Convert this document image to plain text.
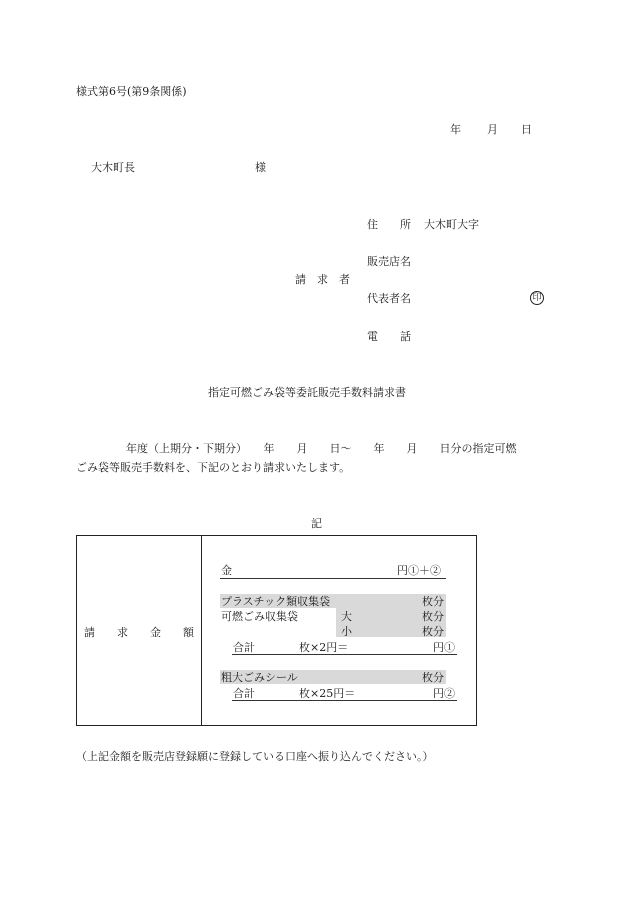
様式第6号(第9条関係)
年 月 日
大木町長	様
住　　所 大木町大字
販売店名
請　求　者
代表者名	印
電　　話
指定可燃ごみ袋等委託販売手数料請求書
年度（上期分・下期分）　　年　　月　　日～　　年　　月　　日分の指定可燃
ごみ袋等販売手数料を、下記のとおり請求いたします。
記
請　　求　　金　　額
金	円①＋②
プラスチック類収集袋	枚分
可燃ごみ収集袋	大	枚分
小	枚分
合計	枚×2円＝	円①
粗大ごみシール	枚分
合計	枚×25円＝	円②
（上記金額を販売店登録願に登録している口座へ振り込んでください。）
